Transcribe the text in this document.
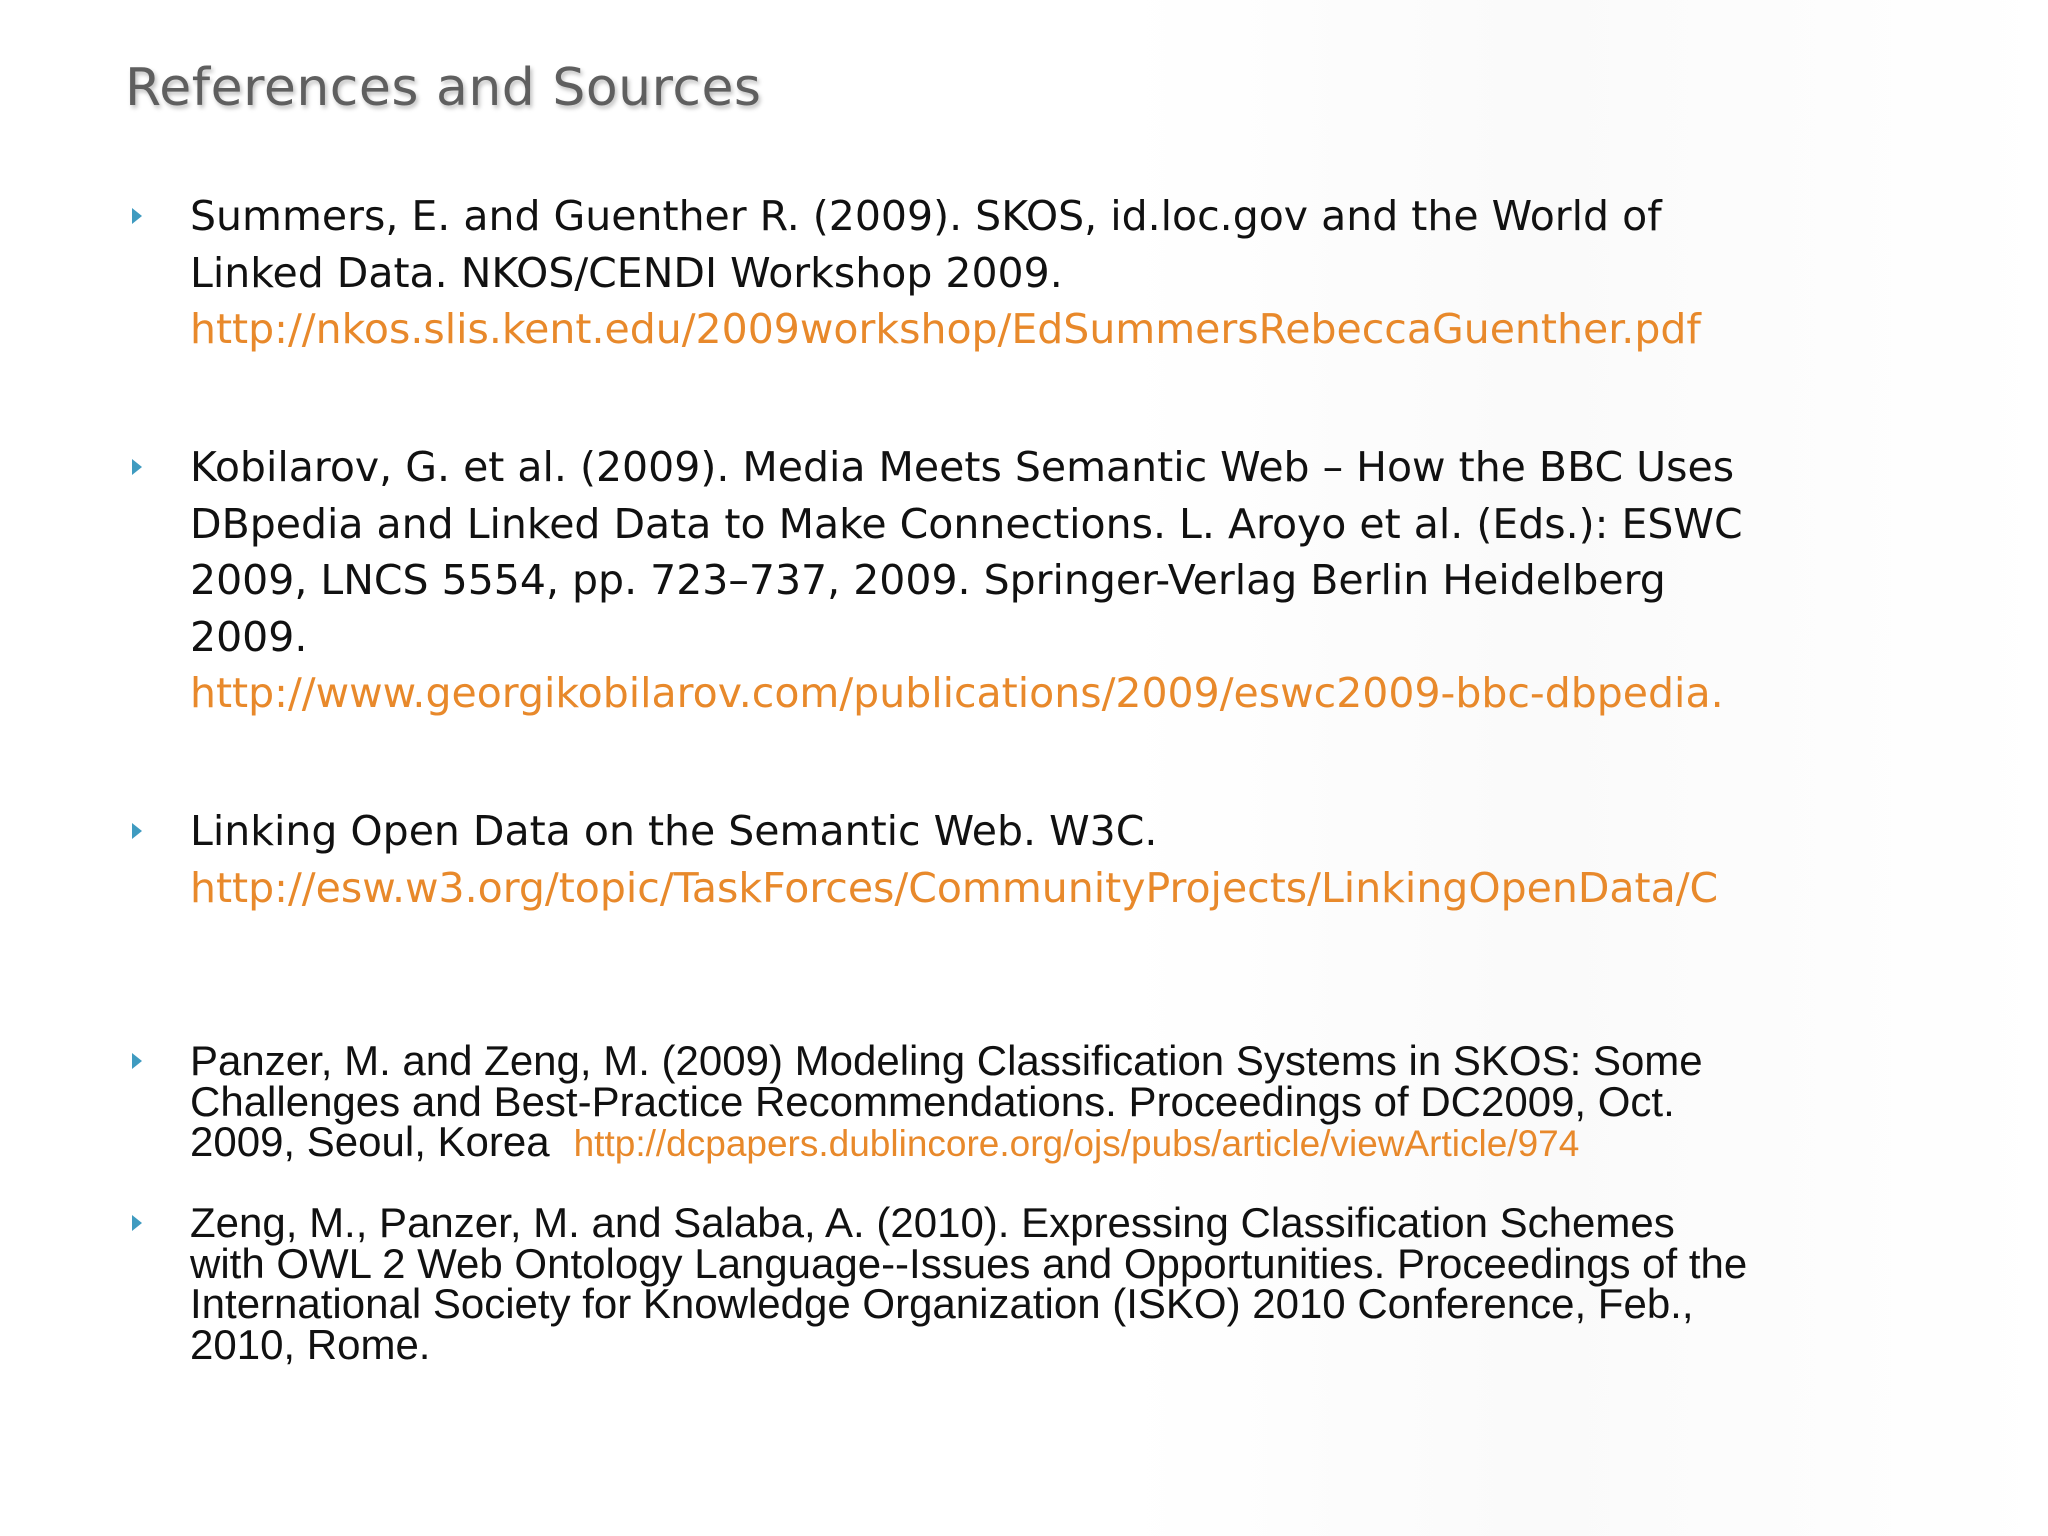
References and Sources
Summers, E. and Guenther R. (2009). SKOS, id.loc.gov and the World of
Linked Data. NKOS/CENDI Workshop 2009.
http://nkos.slis.kent.edu/2009workshop/EdSummersRebeccaGuenther.pdf
Kobilarov, G. et al. (2009). Media Meets Semantic Web – How the BBC Uses
DBpedia and Linked Data to Make Connections. L. Aroyo et al. (Eds.): ESWC
2009, LNCS 5554, pp. 723–737, 2009. Springer-Verlag Berlin Heidelberg
2009.
http://www.georgikobilarov.com/publications/2009/eswc2009-bbc-dbpedia.
Linking Open Data on the Semantic Web. W3C.
http://esw.w3.org/topic/TaskForces/CommunityProjects/LinkingOpenData/C
Panzer, M. and Zeng, M. (2009) Modeling Classification Systems in SKOS: Some
Challenges and Best-Practice Recommendations. Proceedings of DC2009, Oct.
2009, Seoul, Korea http://dcpapers.dublincore.org/ojs/pubs/article/viewArticle/974
Zeng, M., Panzer, M. and Salaba, A. (2010). Expressing Classification Schemes
with OWL 2 Web Ontology Language--Issues and Opportunities. Proceedings of the
International Society for Knowledge Organization (ISKO) 2010 Conference, Feb.,
2010, Rome.
